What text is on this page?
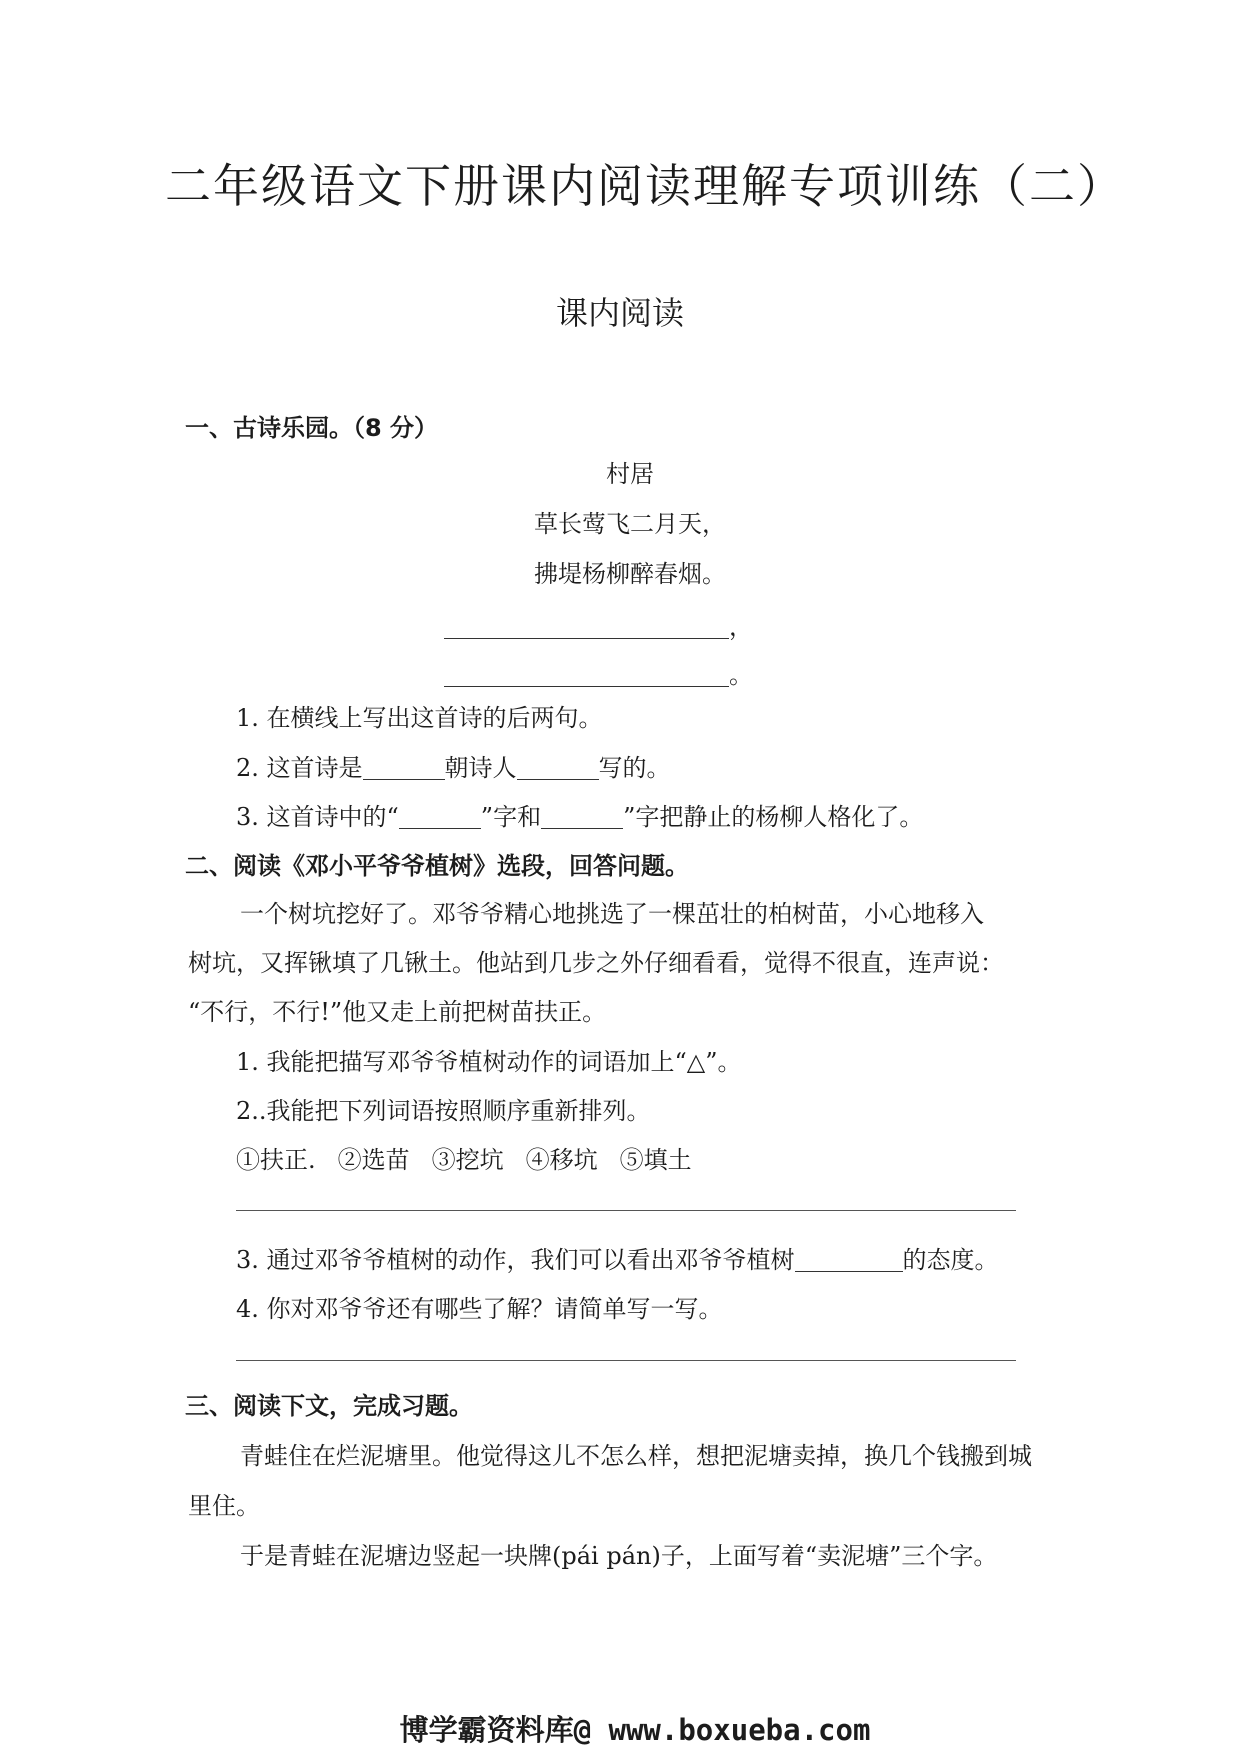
二年级语文下册课内阅读理解专项训练（二）
课内阅读
一、古诗乐园。（8 分）
村居
草长莺飞二月天，
拂堤杨柳醉春烟。
，
。
1. 在横线上写出这首诗的后两句。
2. 这首诗是	朝诗人	写的。
3. 这首诗中的“	”字和	”字把静止的杨柳人格化了。
二、阅读《邓小平爷爷植树》选段，回答问题。
一个树坑挖好了。邓爷爷精心地挑选了一棵茁壮的柏树苗，小心地移入
树坑，又挥锹填了几锹土。他站到几步之外仔细看看，觉得不很直，连声说：
“不行，不行!”他又走上前把树苗扶正。
1. 我能把描写邓爷爷植树动作的词语加上“△”。
2..我能把下列词语按照顺序重新排列。
①扶正. ②选苗 ③挖坑 ④移坑 ⑤填土
3. 通过邓爷爷植树的动作，我们可以看出邓爷爷植树	的态度。
4. 你对邓爷爷还有哪些了解？请简单写一写。
三、阅读下文，完成习题。
青蛙住在烂泥塘里。他觉得这儿不怎么样，想把泥塘卖掉，换几个钱搬到城
里住。
于是青蛙在泥塘边竖起一块牌(pái pán)子，上面写着“卖泥塘”三个字。
博学霸资料库@ www.boxueba.com
